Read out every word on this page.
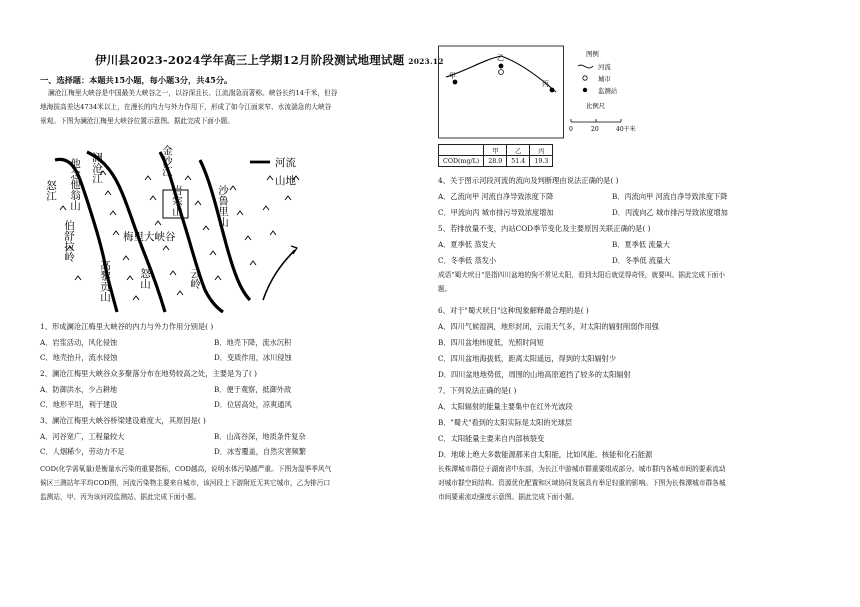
伊川县2023-2024学年高三上学期12月阶段测试地理试题 2023.12
一、选择题：本题共15小题，每小题3分，共45分。
澜沧江梅里大峡谷是中国最美大峡谷之一，以谷深且长、江流湍急而著称。峡谷长约14千米，但谷
地海拔高差达4734米以上，在漫长的内力与外力作用下，形成了如今江面束窄、水流湍急的大峡谷
景观。下图为澜沧江梅里大峡谷位置示意图。据此完成下面小题。
怒江
澜沧江	金沙江
他念他翁山
伯舒拉岭
高黎贡山	怒山	云岭
岩宗山	沙鲁里山
梅里大峡谷
河流
山地
1、形成澜沧江梅里大峡谷的内力与外力作用分别是( )
A．岩浆活动，风化侵蚀	B．地壳下降，流水沉积
C．地壳抬升，流水侵蚀	D．变质作用，冰川侵蚀
2、澜沧江梅里大峡谷众多聚落分布在地势较高之处，主要是为了( )
A．防御洪水，少占耕地	B．便于观察，抵御外敌
C．地形平坦，利于建设	D．位居高处，凉爽通风
3、澜沧江梅里大峡谷桥梁建设难度大，其原因是( )
A．河谷宽广，工程量较大	B．山高谷深，地质条件复杂
C．人烟稀少，劳动力不足	D．冰雪覆盖，自然灾害频繁
COD(化学需氧量)是衡量水污染的重要指标，COD越高，说明水体污染越严重。下图为湿季季风气
候区三测站年平均COD图，河流污染物主要来自城市，该河段上下游附近无其它城市，乙为排污口
监测站，甲、丙为该河段监测站。据此完成下面小题。
甲
乙
丙
图例
河流
城市
监测站
比例尺
0	20	40千米
	甲	乙	丙
COD(mg/L)	28.9	51.4	19.3
4、关于图示河段河流的流向及判断理由说法正确的是( )
A．乙流向甲 河流自净导致浓度下降	B．丙流向甲 河流自净导致浓度下降
C．甲流向丙 城市排污导致浓度增加	D．丙流向乙 城市排污导致浓度增加
5、若排放量不变，内站COD季节变化及主要原因关联正确的是( )
A．夏季低 蒸发大	B．夏季低 流量大
C．冬季低 蒸发小	D．冬季低 流量大
成语"蜀犬吠日"是指四川盆地的狗不常见太阳，看到太阳后就觉得奇怪，就要叫。据此完成下面小
题。
6、对于"蜀犬吠日"这种现象解释最合理的是( )
A．四川气候湿润，地形封闭，云雨天气多，对太阳的辐射削弱作用强
B．四川盆地纬度低，光照时间短
C．四川盆地海拔低，距离太阳遥远，得到的太阳辐射少
D．四川盆地地势低，周围的山地高原遮挡了较多的太阳辐射
7、下列说法正确的是( )
A．太阳辐射的能量主要集中在红外光波段
B．"蜀犬"看到的太阳实际是太阳的光球层
C．太阳能量主要来自内部核裂变
D．地球上绝大多数能源都来自太阳能，比如风能、核能和化石能源
长株潭城市群位于湖南省中东部，为长江中游城市群重要组成部分。城市群内各城市间的要素流动
对城市群空间结构、资源优化配置和区域协同发展具有举足轻重的影响。下图为长株潭城市群各城
市间要素流动强度示意图。据此完成下面小题。
